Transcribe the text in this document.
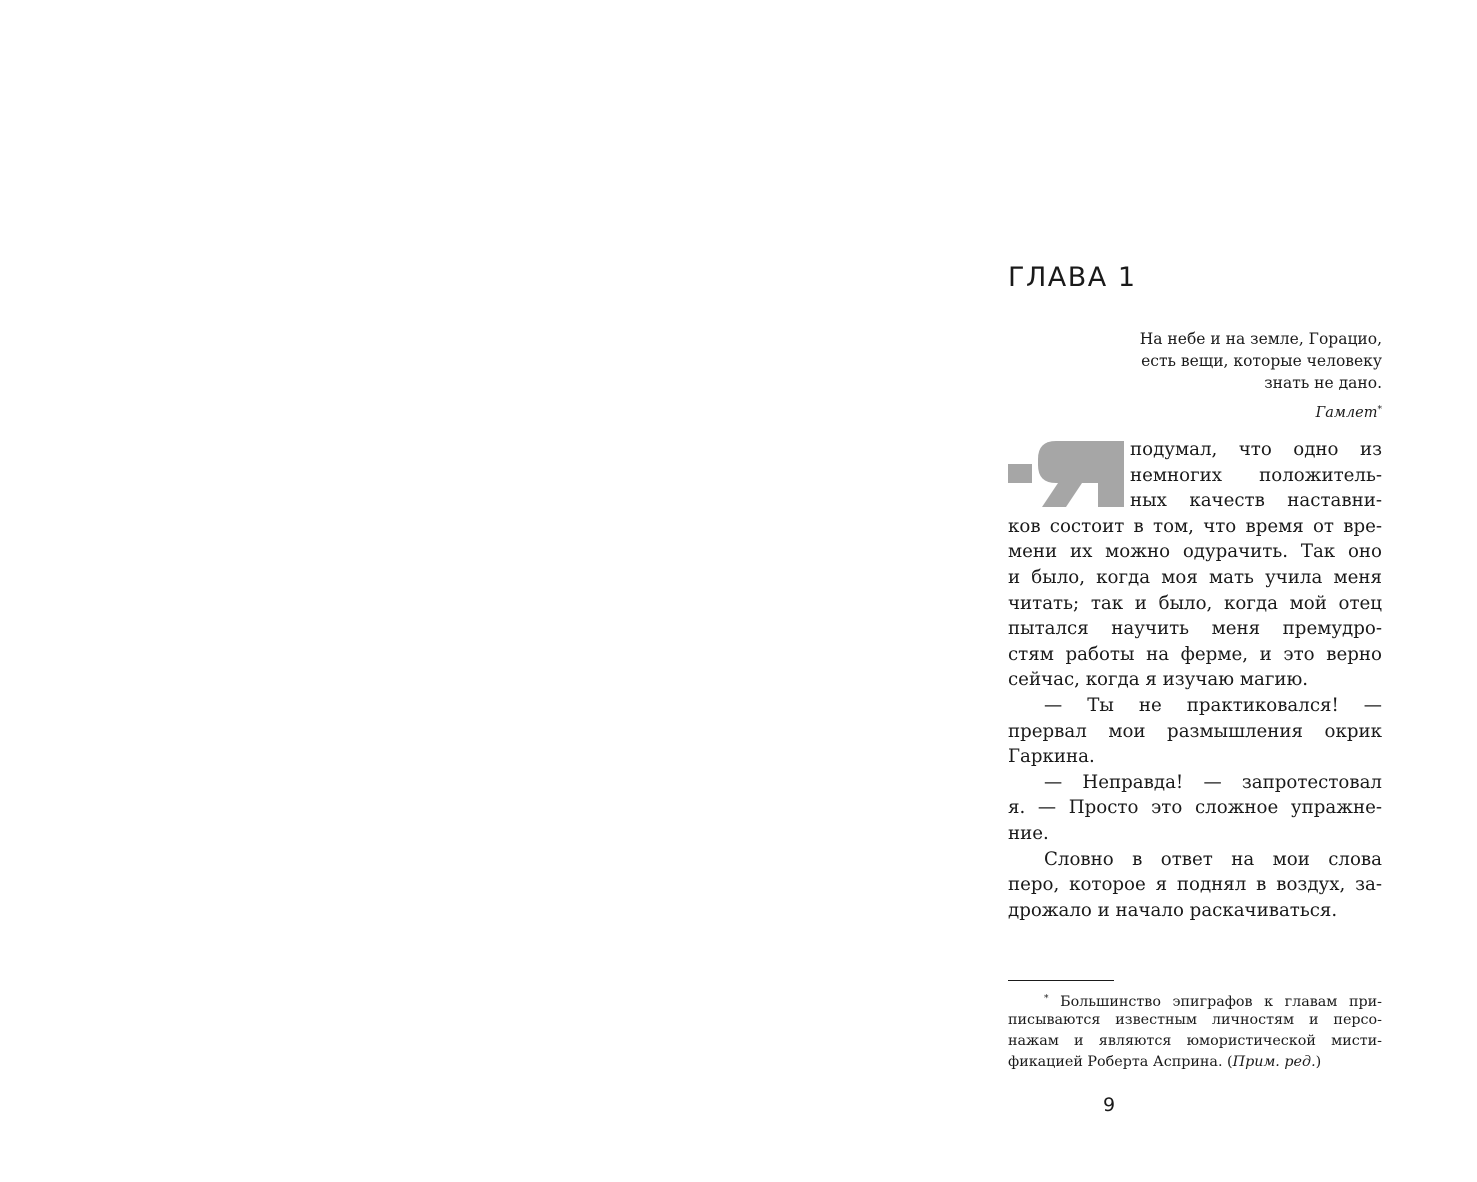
ГЛАВА 1
На небе и на земле, Горацио,
есть вещи, которые человеку
знать не дано.
Гамлет*
подумал, что одно из
немногих положитель-
ных качеств наставни-
ков состоит в том, что время от вре-
мени их можно одурачить. Так оно
и было, когда моя мать учила меня
читать; так и было, когда мой отец
пытался научить меня премудро-
стям работы на ферме, и это верно
сейчас, когда я изучаю магию.
— Ты не практиковался! —
прервал мои размышления окрик
Гаркина.
— Неправда! — запротестовал
я. — Просто это сложное упражне-
ние.
Словно в ответ на мои слова
перо, которое я поднял в воздух, за-
дрожало и начало раскачиваться.
* Большинство эпиграфов к главам при-
писываются известным личностям и персо-
нажам и являются юмористической мисти-
фикацией Роберта Асприна. (Прим. ред.)
9
